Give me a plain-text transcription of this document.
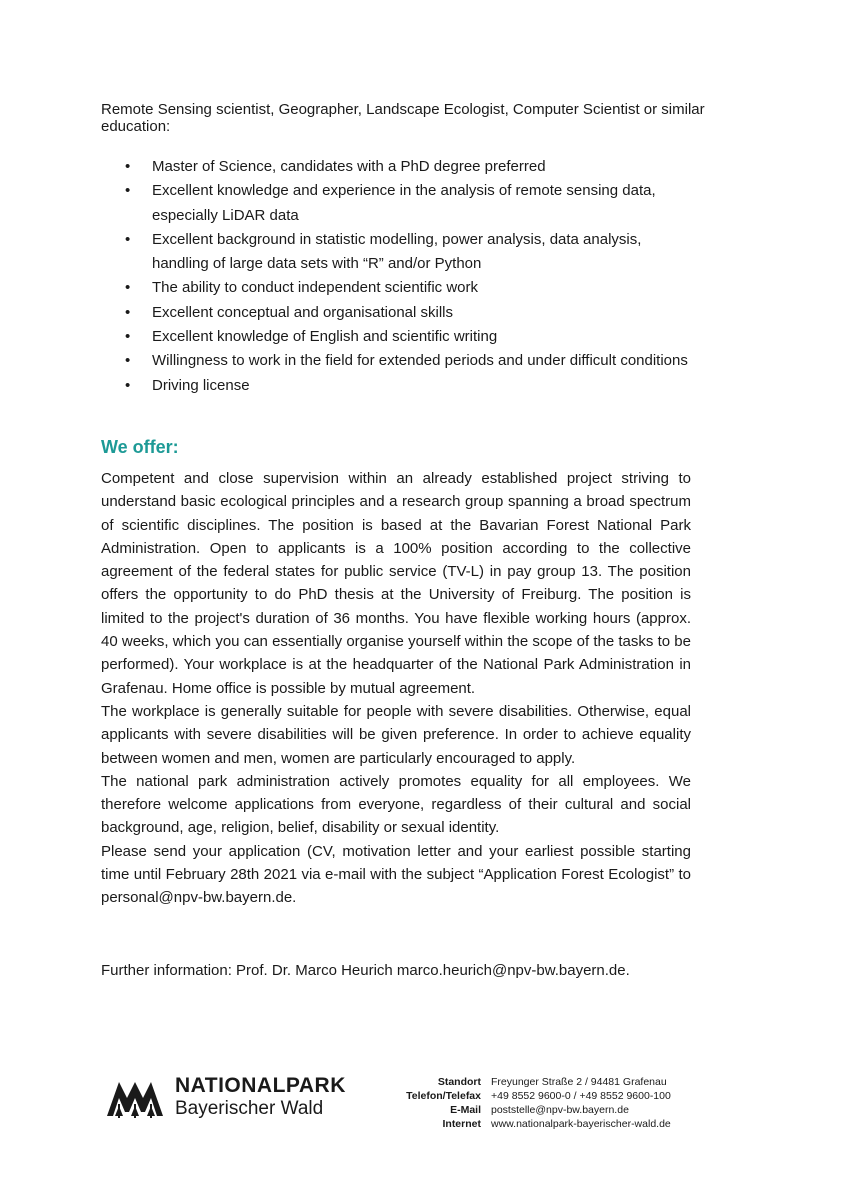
Remote Sensing scientist, Geographer, Landscape Ecologist, Computer Scientist or similar education:

• Master of Science, candidates with a PhD degree preferred
• Excellent knowledge and experience in the analysis of remote sensing data, especially LiDAR data
• Excellent background in statistic modelling, power analysis, data analysis, handling of large data sets with “R” and/or Python
• The ability to conduct independent scientific work
• Excellent conceptual and organisational skills
• Excellent knowledge of English and scientific writing
• Willingness to work in the field for extended periods and under difficult conditions
• Driving license
We offer:

Competent and close supervision within an already established project striving to understand basic ecological principles and a research group spanning a broad spectrum of scientific disciplines. The position is based at the Bavarian Forest National Park Administration. Open to applicants is a 100% position according to the collective agreement of the federal states for public service (TV-L) in pay group 13. The position offers the opportunity to do PhD thesis at the University of Freiburg. The position is limited to the project's duration of 36 months. You have flexible working hours (approx. 40 weeks, which you can essentially organise yourself within the scope of the tasks to be performed). Your workplace is at the headquarter of the National Park Administration in Grafenau. Home office is possible by mutual agreement.

The workplace is generally suitable for people with severe disabilities. Otherwise, equal applicants with severe disabilities will be given preference. In order to achieve equality between women and men, women are particularly encouraged to apply.

The national park administration actively promotes equality for all employees. We therefore welcome applications from everyone, regardless of their cultural and social background, age, religion, belief, disability or sexual identity.

Please send your application (CV, motivation letter and your earliest possible starting time until February 28th 2021 via e-mail with the subject “Application Forest Ecologist” to personal@npv-bw.bayern.de.

Further information: Prof. Dr. Marco Heurich marco.heurich@npv-bw.bayern.de.

NATIONALPARK
Bayerischer Wald
Standort Freyunger Straße 2 / 94481 Grafenau
Telefon/Telefax +49 8552 9600-0 / +49 8552 9600-100
E-Mail poststelle@npv-bw.bayern.de
Internet www.nationalpark-bayerischer-wald.de
